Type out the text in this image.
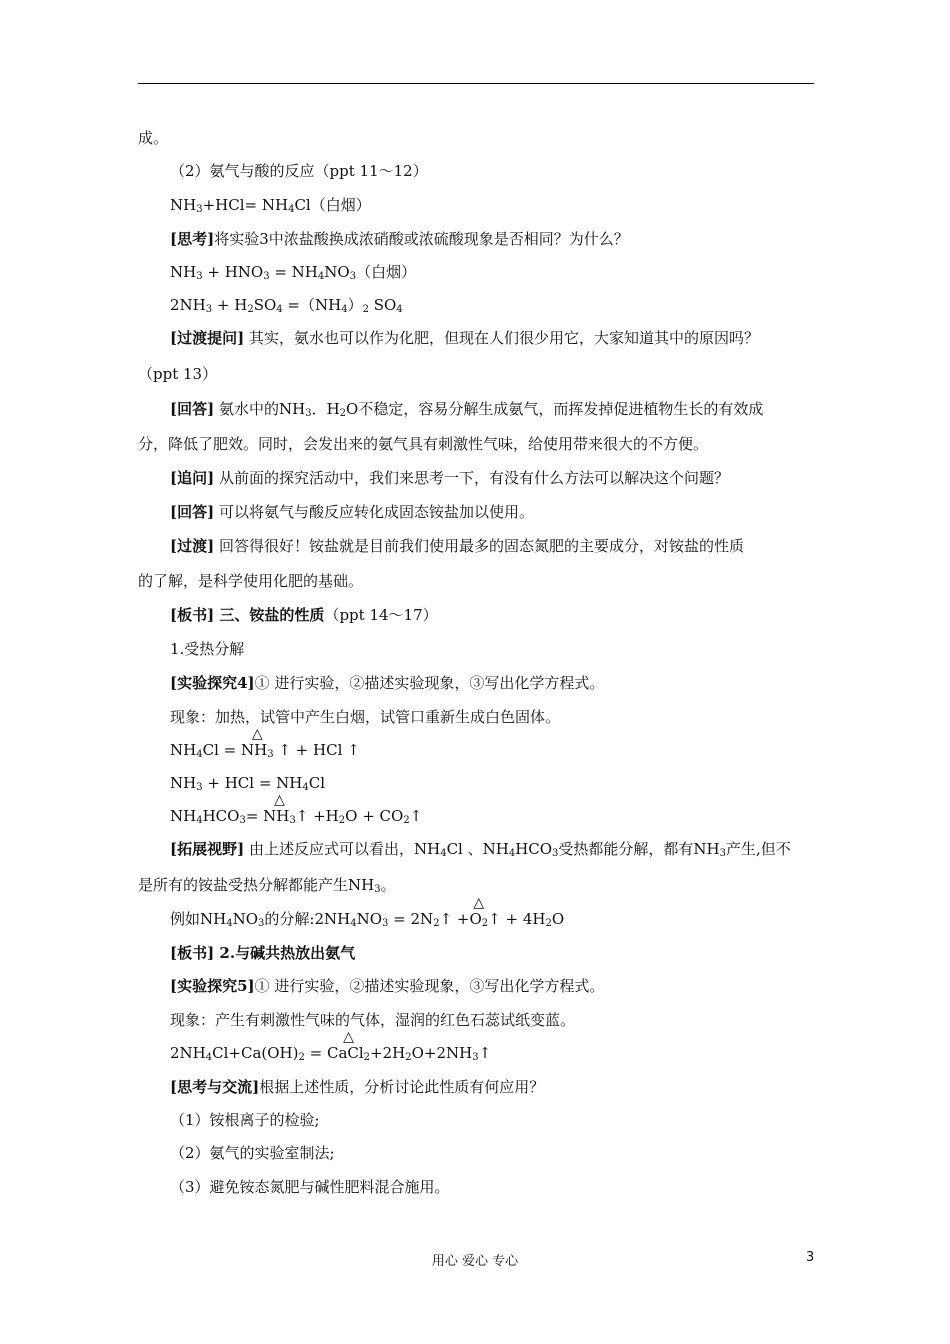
成。
（2）氨气与酸的反应（ppt 11～12）
$NH_3+HCl= NH_4Cl$（白烟）
[思考]将实验3中浓盐酸换成浓硝酸或浓硫酸现象是否相同？为什么？
$NH_3 + HNO_3 = NH_4NO_3$（白烟）
$2NH_3 + H_2SO_4 =(NH_4)_2$ $SO_4$
[过渡提问] 其实，氨水也可以作为化肥，但现在人们很少用它，大家知道其中的原因吗？
（ppt 13）
[回答] 氨水中的$NH_3$．$H_2O$不稳定，容易分解生成氨气，而挥发掉促进植物生长的有效成
分，降低了肥效。同时，会发出来的氨气具有刺激性气味，给使用带来很大的不方便。
[追问] 从前面的探究活动中，我们来思考一下，有没有什么方法可以解决这个问题？
[回答] 可以将氨气与酸反应转化成固态铵盐加以使用。
[过渡] 回答得很好！铵盐就是目前我们使用最多的固态氮肥的主要成分，对铵盐的性质
的了解，是科学使用化肥的基础。
[板书] 三、铵盐的性质（ppt 14～17）
1.受热分解
[实验探究4]① 进行实验，②描述实验现象，③写出化学方程式。
现象：加热，试管中产生白烟，试管口重新生成白色固体。
$NH_4Cl$ =
△
$NH_3$ ↑ + HCl ↑
$NH_3$ + HCl = $NH_4Cl$
$NH_4HCO_3=$
△
$NH_3↑ +H_2O$ + $CO_2↑$
[拓展视野] 由上述反应式可以看出，$NH_4Cl$ 、$NH_4HCO_3$受热都能分解，都有$NH_3$产生,但不
是所有的铵盐受热分解都能产生$NH_3$。
例如$NH_4NO_3$的分解$:2NH_4NO_3$ = $2N_2↑$ +
△
$O_2↑ + 4H_2O$
[板书] 2.与碱共热放出氨气
[实验探究5]① 进行实验，②描述实验现象，③写出化学方程式。
现象：产生有刺激性气味的气体，湿润的红色石蕊试纸变蓝。
$2NH_4Cl+Ca(OH)_2$ =
△
$CaCl_2+2H_2O+2NH_3↑$
[思考与交流]根据上述性质，分析讨论此性质有何应用？
（1）铵根离子的检验;
（2）氨气的实验室制法;
（3）避免铵态氮肥与碱性肥料混合施用。
用心 爱心 专心	3
